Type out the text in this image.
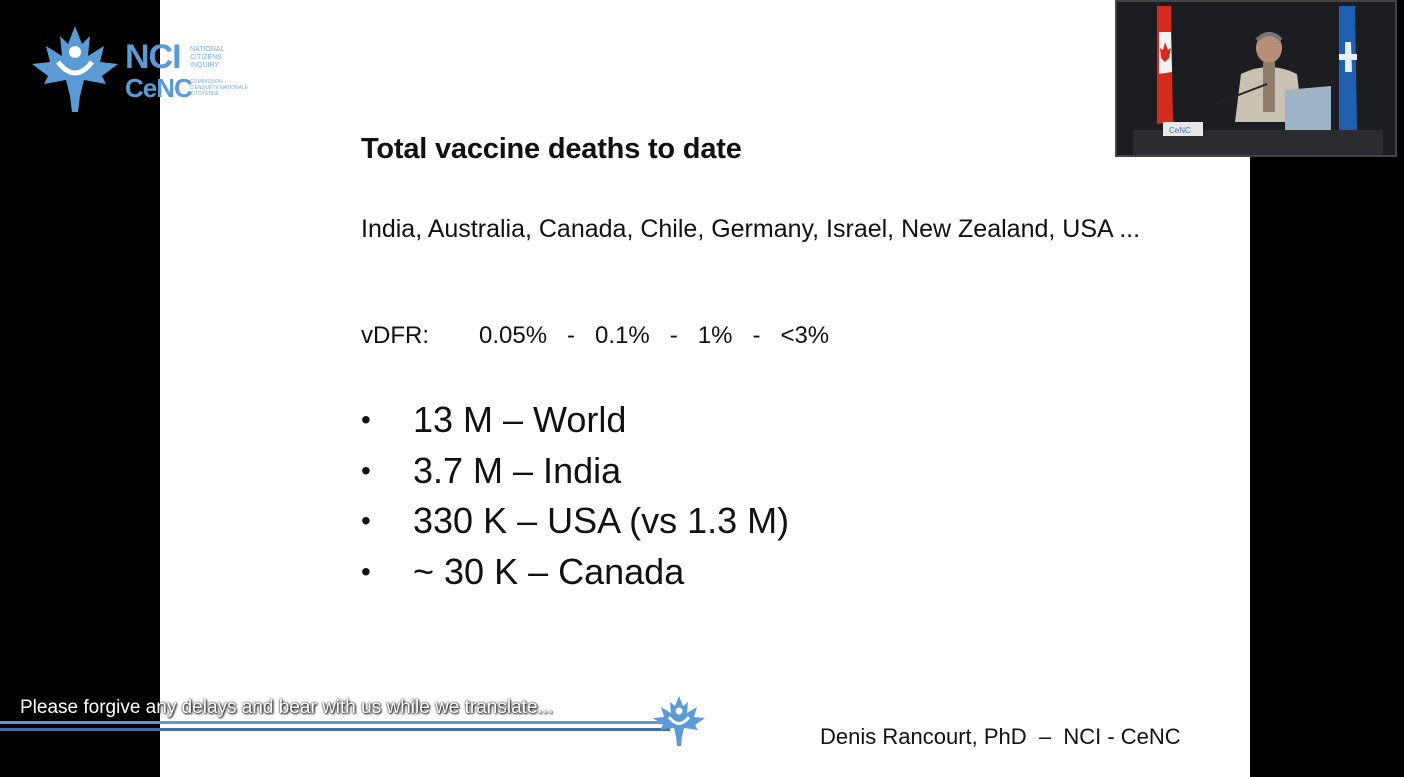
Total vaccine deaths to date
India, Australia, Canada, Chile, Germany, Israel, New Zealand, USA ...
vDFR: 0.05%   -   0.1%   -   1%   -   <3%
• 13 M – World
• 3.7 M – India
• 330 K – USA (vs 1.3 M)
• ~ 30 K – Canada
Denis Rancourt, PhD  –  NCI - CeNC
NCI
CeNC
NATIONAL CITIZENS INQUIRY
COMMISSION D'ENQUÊTE NATIONALE CITOYENNE
CeNC
Please forgive any delays and bear with us while we translate...
